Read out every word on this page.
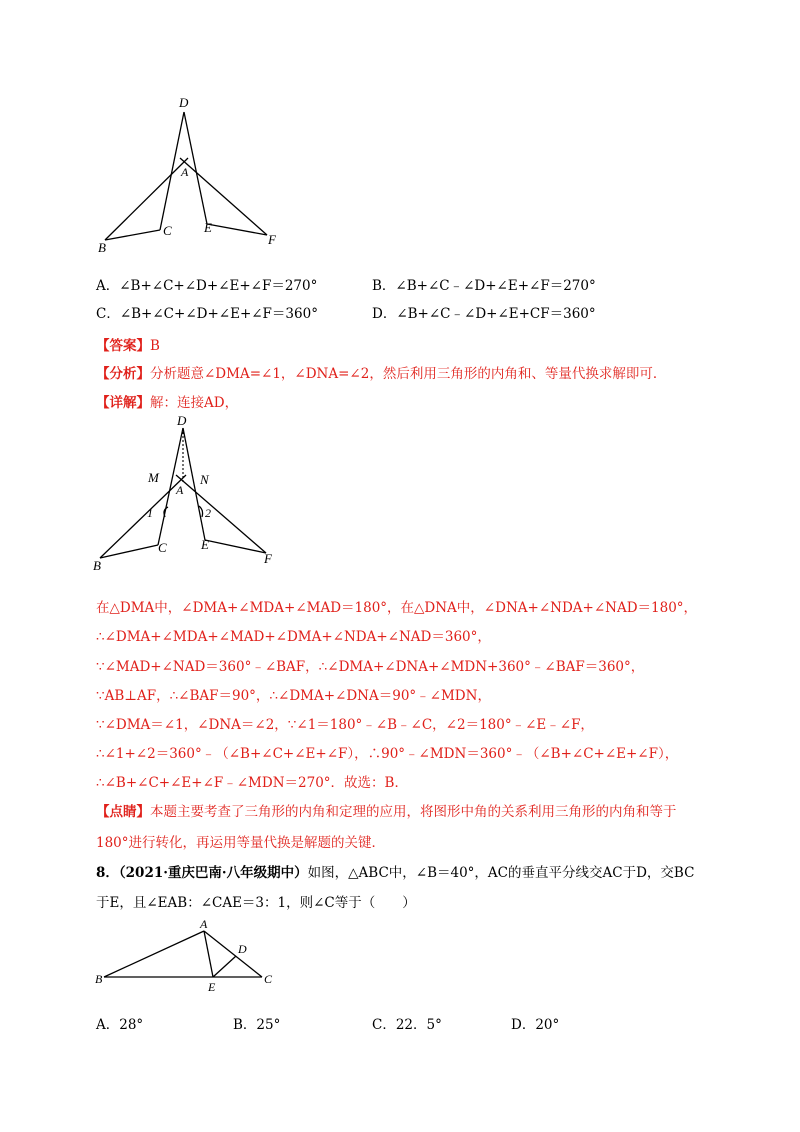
D
A
B
C E
F
A．∠B+∠C+∠D+∠E+∠F＝270°	B．∠B+∠C﹣∠D+∠E+∠F＝270°
C．∠B+∠C+∠D+∠E+∠F＝360°	D．∠B+∠C﹣∠D+∠E+CF＝360°
【答案】B
【分析】分析题意∠DMA=∠1，∠DNA=∠2，然后利用三角形的内角和、等量代换求解即可．
【详解】解：连接AD，
D
M
A
N
1	2
B
C	E
F
在△DMA中，∠DMA+∠MDA+∠MAD＝180°，在△DNA中，∠DNA+∠NDA+∠NAD＝180°，
∴∠DMA+∠MDA+∠MAD+∠DMA+∠NDA+∠NAD＝360°，
∵∠MAD+∠NAD＝360°﹣∠BAF，∴∠DMA+∠DNA+∠MDN+360°﹣∠BAF＝360°，
∵AB⊥AF，∴∠BAF＝90°，∴∠DMA+∠DNA＝90°﹣∠MDN，
∵∠DMA＝∠1，∠DNA＝∠2，∵∠1＝180°﹣∠B﹣∠C，∠2＝180°﹣∠E﹣∠F，
∴∠1+∠2＝360°﹣（∠B+∠C+∠E+∠F），∴90°﹣∠MDN＝360°﹣（∠B+∠C+∠E+∠F），
∴∠B+∠C+∠E+∠F﹣∠MDN＝270°．故选：B．
【点睛】本题主要考查了三角形的内角和定理的应用，将图形中角的关系利用三角形的内角和等于
180°进行转化，再运用等量代换是解题的关键．
8．（2021·重庆巴南·八年级期中）如图，△ABC中，∠B＝40°，AC的垂直平分线交AC于D，交BC
于E，且∠EAB：∠CAE＝3：1，则∠C等于（　　）
A
D
B
E
C
A．28°	B．25°	C．22．5°	D．20°
